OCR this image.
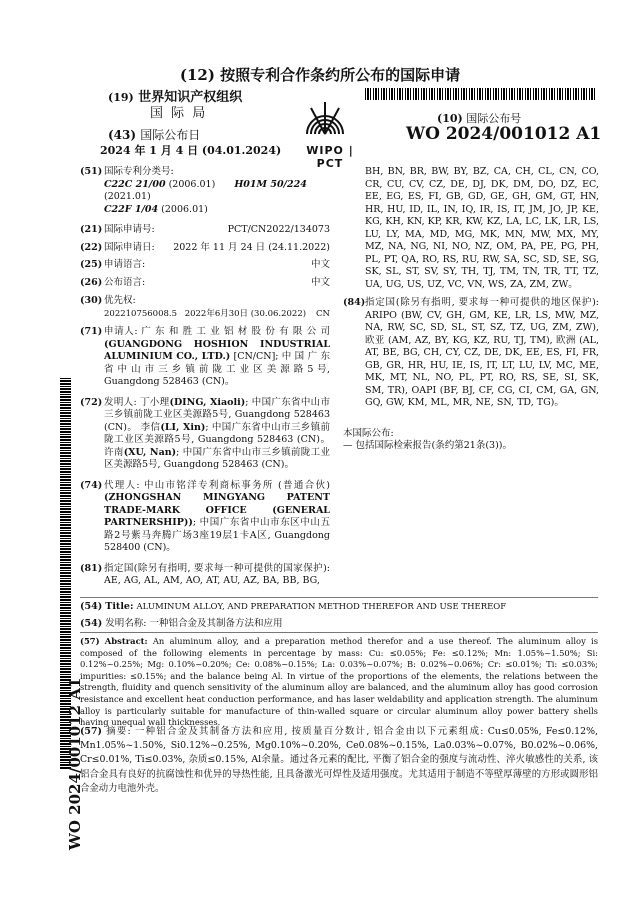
(12) 按照专利合作条约所公布的国际申请
(19) 世界知识产权组织
国 际 局
(43) 国际公布日
2024 年 1 月 4 日 (04.01.2024)	WIPO | PCT
(10) 国际公布号
WO 2024/001012 A1
(51) 国际专利分类号:
C22C 21/00 (2006.01) H01M 50/224 (2021.01)
C22F 1/04 (2006.01)
(21) 国际申请号:	PCT/CN2022/134073
(22) 国际申请日:	2022 年 11 月 24 日 (24.11.2022)
(25) 申请语言:	中文
(26) 公布语言:	中文
(30) 优先权:
202210756008.5 2022年6月30日 (30.06.2022) CN
(71) 申请人: 广 东 和 胜 工 业 铝 材 股 份 有 限 公 司 (GUANGDONG HOSHION INDUSTRIAL ALUMINIUM CO., LTD.) [CN/CN]; 中 国 广 东 省 中 山 市 三 乡 镇 前 陇 工 业 区 美 源 路 5 号, Guangdong 528463 (CN)。
(72) 发明人: 丁小理(DING, Xiaoli); 中国广东省中山市三乡镇前陇工业区美源路5号, Guangdong 528463 (CN)。 李信(LI, Xin); 中国广东省中山市三乡镇前陇工业区美源路5号, Guangdong 528463 (CN)。 许南(XU, Nan); 中国广东省中山市三乡镇前陇工业区美源路5号, Guangdong 528463 (CN)。
(74) 代理人: 中山市铭洋专利商标事务所 (普通合伙) (ZHONGSHAN MINGYANG PATENT TRADE-MARK OFFICE (GENERAL PARTNERSHIP)); 中国广东省中山市东区中山五路2号紫马奔腾广场3座19层1卡A区, Guangdong 528400 (CN)。
(81) 指定国(除另有指明, 要求每一种可提供的国家保护): AE, AG, AL, AM, AO, AT, AU, AZ, BA, BB, BG,
BH, BN, BR, BW, BY, BZ, CA, CH, CL, CN, CO, CR, CU, CV, CZ, DE, DJ, DK, DM, DO, DZ, EC, EE, EG, ES, FI, GB, GD, GE, GH, GM, GT, HN, HR, HU, ID, IL, IN, IQ, IR, IS, IT, JM, JO, JP, KE, KG, KH, KN, KP, KR, KW, KZ, LA, LC, LK, LR, LS, LU, LY, MA, MD, MG, MK, MN, MW, MX, MY, MZ, NA, NG, NI, NO, NZ, OM, PA, PE, PG, PH, PL, PT, QA, RO, RS, RU, RW, SA, SC, SD, SE, SG, SK, SL, ST, SV, SY, TH, TJ, TM, TN, TR, TT, TZ, UA, UG, US, UZ, VC, VN, WS, ZA, ZM, ZW。
(84) 指定国(除另有指明, 要求每一种可提供的地区保护): ARIPO (BW, CV, GH, GM, KE, LR, LS, MW, MZ, NA, RW, SC, SD, SL, ST, SZ, TZ, UG, ZM, ZW), 欧亚 (AM, AZ, BY, KG, KZ, RU, TJ, TM), 欧洲 (AL, AT, BE, BG, CH, CY, CZ, DE, DK, EE, ES, FI, FR, GB, GR, HR, HU, IE, IS, IT, LT, LU, LV, MC, ME, MK, MT, NL, NO, PL, PT, RO, RS, SE, SI, SK, SM, TR), OAPI (BF, BJ, CF, CG, CI, CM, GA, GN, GQ, GW, KM, ML, MR, NE, SN, TD, TG)。
本国际公布:
— 包括国际检索报告(条约第21条(3))。
WO 2024/001012 A1
(54) Title: ALUMINUM ALLOY, AND PREPARATION METHOD THEREFOR AND USE THEREOF
(54) 发明名称: 一种铝合金及其制备方法和应用
(57) Abstract: An aluminum alloy, and a preparation method therefor and a use thereof. The aluminum alloy is composed of the following elements in percentage by mass: Cu: ≤0.05%; Fe: ≤0.12%; Mn: 1.05%~1.50%; Si: 0.12%~0.25%; Mg: 0.10%~0.20%; Ce: 0.08%~0.15%; La: 0.03%~0.07%; B: 0.02%~0.06%; Cr: ≤0.01%; Ti: ≤0.03%; impurities: ≤0.15%; and the balance being Al. In virtue of the proportions of the elements, the relations between the strength, fluidity and quench sensitivity of the aluminum alloy are balanced, and the aluminum alloy has good corrosion resistance and excellent heat conduction performance, and has laser weldability and application strength. The aluminum alloy is particularly suitable for manufacture of thin-walled square or circular aluminum alloy power battery shells having unequal wall thicknesses.
(57) 摘要: 一种铝合金及其制备方法和应用, 按质量百分数计, 铝合金由以下元素组成: Cu≤0.05%, Fe≤0.12%, Mn1.05%~1.50%, Si0.12%~0.25%, Mg0.10%~0.20%, Ce0.08%~0.15%, La0.03%~0.07%, B0.02%~0.06%, Cr≤0.01%, Ti≤0.03%, 杂质≤0.15%, Al余量。通过各元素的配比, 平衡了铝合金的强度与流动性、淬火敏感性的关系, 该铝合金具有良好的抗腐蚀性和优异的导热性能, 且具备激光可焊性及适用强度。尤其适用于制造不等壁厚薄壁的方形或圆形铝合金动力电池外壳。
